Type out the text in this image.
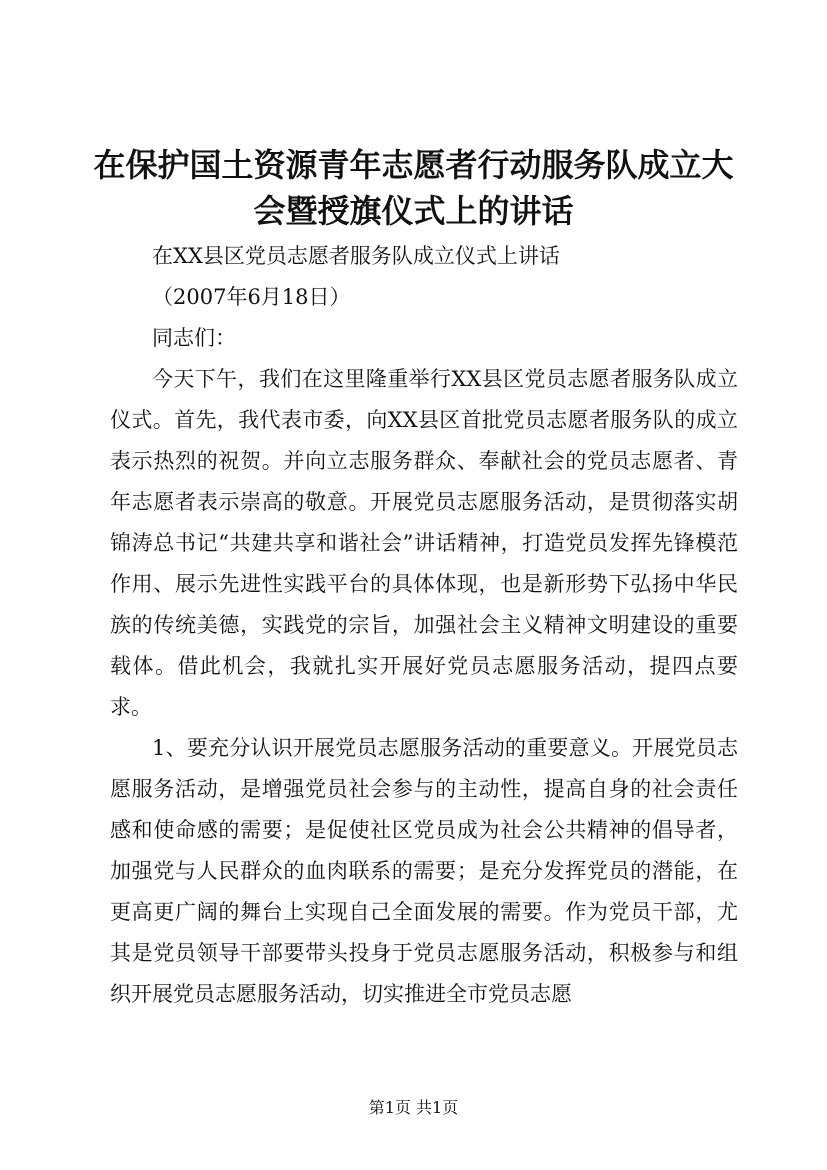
在保护国土资源青年志愿者行动服务队成立大会暨授旗仪式上的讲话

在XX县区党员志愿者服务队成立仪式上讲话

（2007年6月18日）

同志们：

今天下午，我们在这里隆重举行XX县区党员志愿者服务队成立仪式。首先，我代表市委，向XX县区首批党员志愿者服务队的成立表示热烈的祝贺。并向立志服务群众、奉献社会的党员志愿者、青年志愿者表示崇高的敬意。开展党员志愿服务活动，是贯彻落实胡锦涛总书记“共建共享和谐社会”讲话精神，打造党员发挥先锋模范作用、展示先进性实践平台的具体体现，也是新形势下弘扬中华民族的传统美德，实践党的宗旨，加强社会主义精神文明建设的重要载体。借此机会，我就扎实开展好党员志愿服务活动，提四点要求。

1、要充分认识开展党员志愿服务活动的重要意义。开展党员志愿服务活动，是增强党员社会参与的主动性，提高自身的社会责任感和使命感的需要；是促使社区党员成为社会公共精神的倡导者，加强党与人民群众的血肉联系的需要；是充分发挥党员的潜能，在更高更广阔的舞台上实现自己全面发展的需要。作为党员干部，尤其是党员领导干部要带头投身于党员志愿服务活动，积极参与和组织开展党员志愿服务活动，切实推进全市党员志愿

第1页 共1页
